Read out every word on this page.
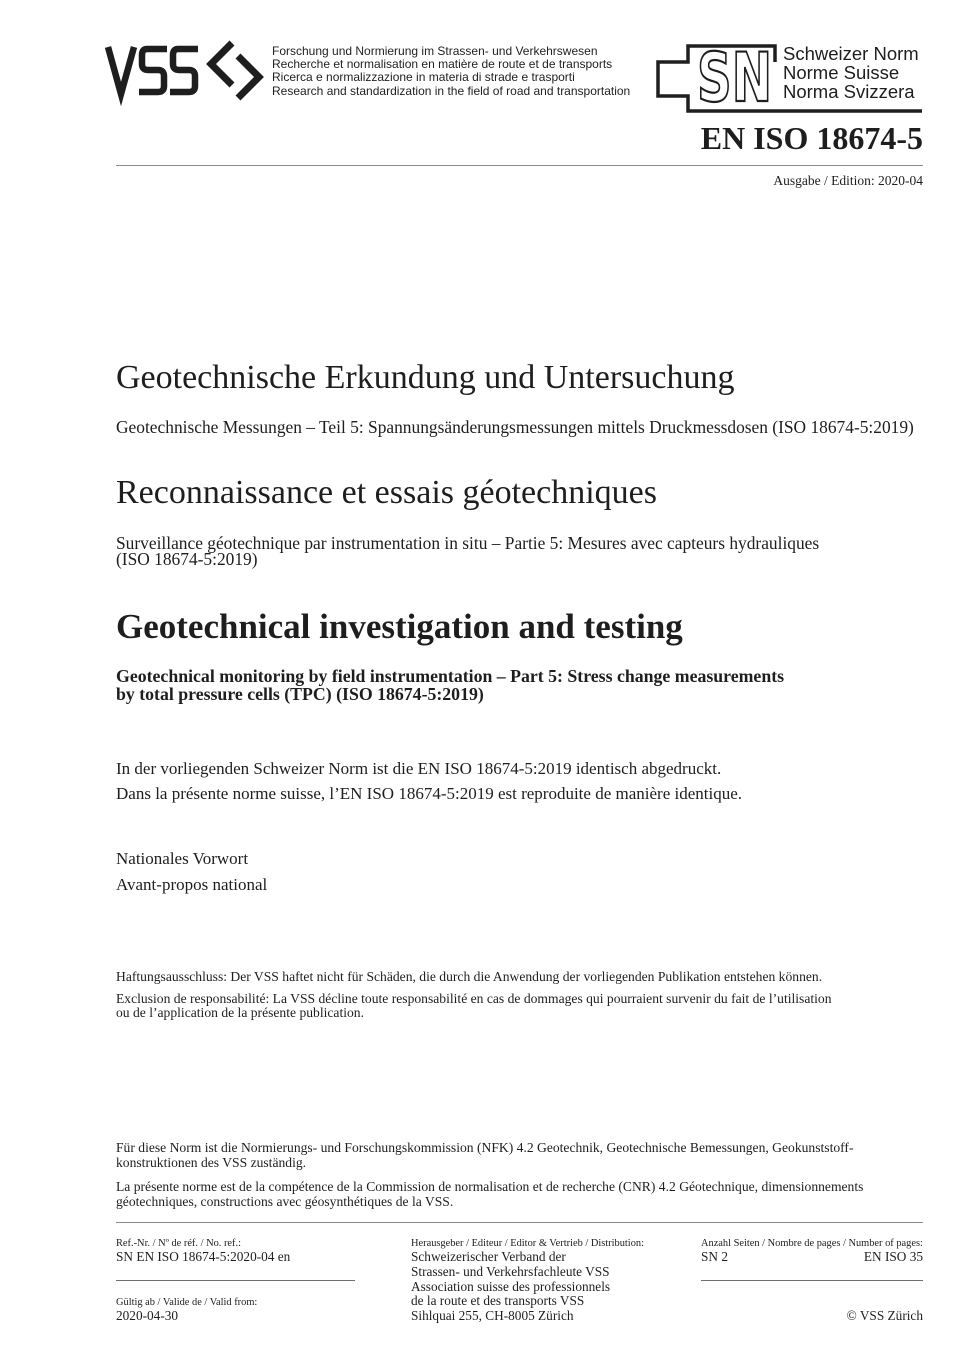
SN
Forschung und Normierung im Strassen- und Verkehrswesen
Recherche et normalisation en matière de route et de transports
Ricerca e normalizzazione in materia di strade e trasporti
Research and standardization in the field of road and transportation
Schweizer Norm
Norme Suisse
Norma Svizzera
EN ISO 18674-5
Ausgabe / Edition: 2020-04
Geotechnische Erkundung und Untersuchung
Geotechnische Messungen – Teil 5: Spannungsänderungsmessungen mittels Druckmessdosen (ISO 18674-5:2019)
Reconnaissance et essais géotechniques
Surveillance géotechnique par instrumentation in situ – Partie 5: Mesures avec capteurs hydrauliques
(ISO 18674-5:2019)
Geotechnical investigation and testing
Geotechnical monitoring by field instrumentation – Part 5: Stress change measurements
by total pressure cells (TPC) (ISO 18674-5:2019)
In der vorliegenden Schweizer Norm ist die EN ISO 18674-5:2019 identisch abgedruckt.
Dans la présente norme suisse, l’EN ISO 18674-5:2019 est reproduite de manière identique.
Nationales Vorwort
Avant-propos national
Haftungsausschluss: Der VSS haftet nicht für Schäden, die durch die Anwendung der vorliegenden Publikation entstehen können.
Exclusion de responsabilité: La VSS décline toute responsabilité en cas de dommages qui pourraient survenir du fait de l’utilisation
ou de l’application de la présente publication.
Für diese Norm ist die Normierungs- und Forschungskommission (NFK) 4.2 Geotechnik, Geotechnische Bemessungen, Geokunststoff-
konstruktionen des VSS zuständig.
La présente norme est de la compétence de la Commission de normalisation et de recherche (CNR) 4.2 Géotechnique, dimensionnements
géotechniques, constructions avec géosynthétiques de la VSS.
Ref.-Nr. / Nº de réf. / No. ref.:
SN EN ISO 18674-5:2020-04 en
Gültig ab / Valide de / Valid from:
2020-04-30
Herausgeber / Editeur / Editor & Vertrieb / Distribution:
Schweizerischer Verband der
Strassen- und Verkehrsfachleute VSS
Association suisse des professionnels
de la route et des transports VSS
Sihlquai 255, CH-8005 Zürich
Anzahl Seiten / Nombre de pages / Number of pages:
SN 2	EN ISO 35
© VSS Zürich
